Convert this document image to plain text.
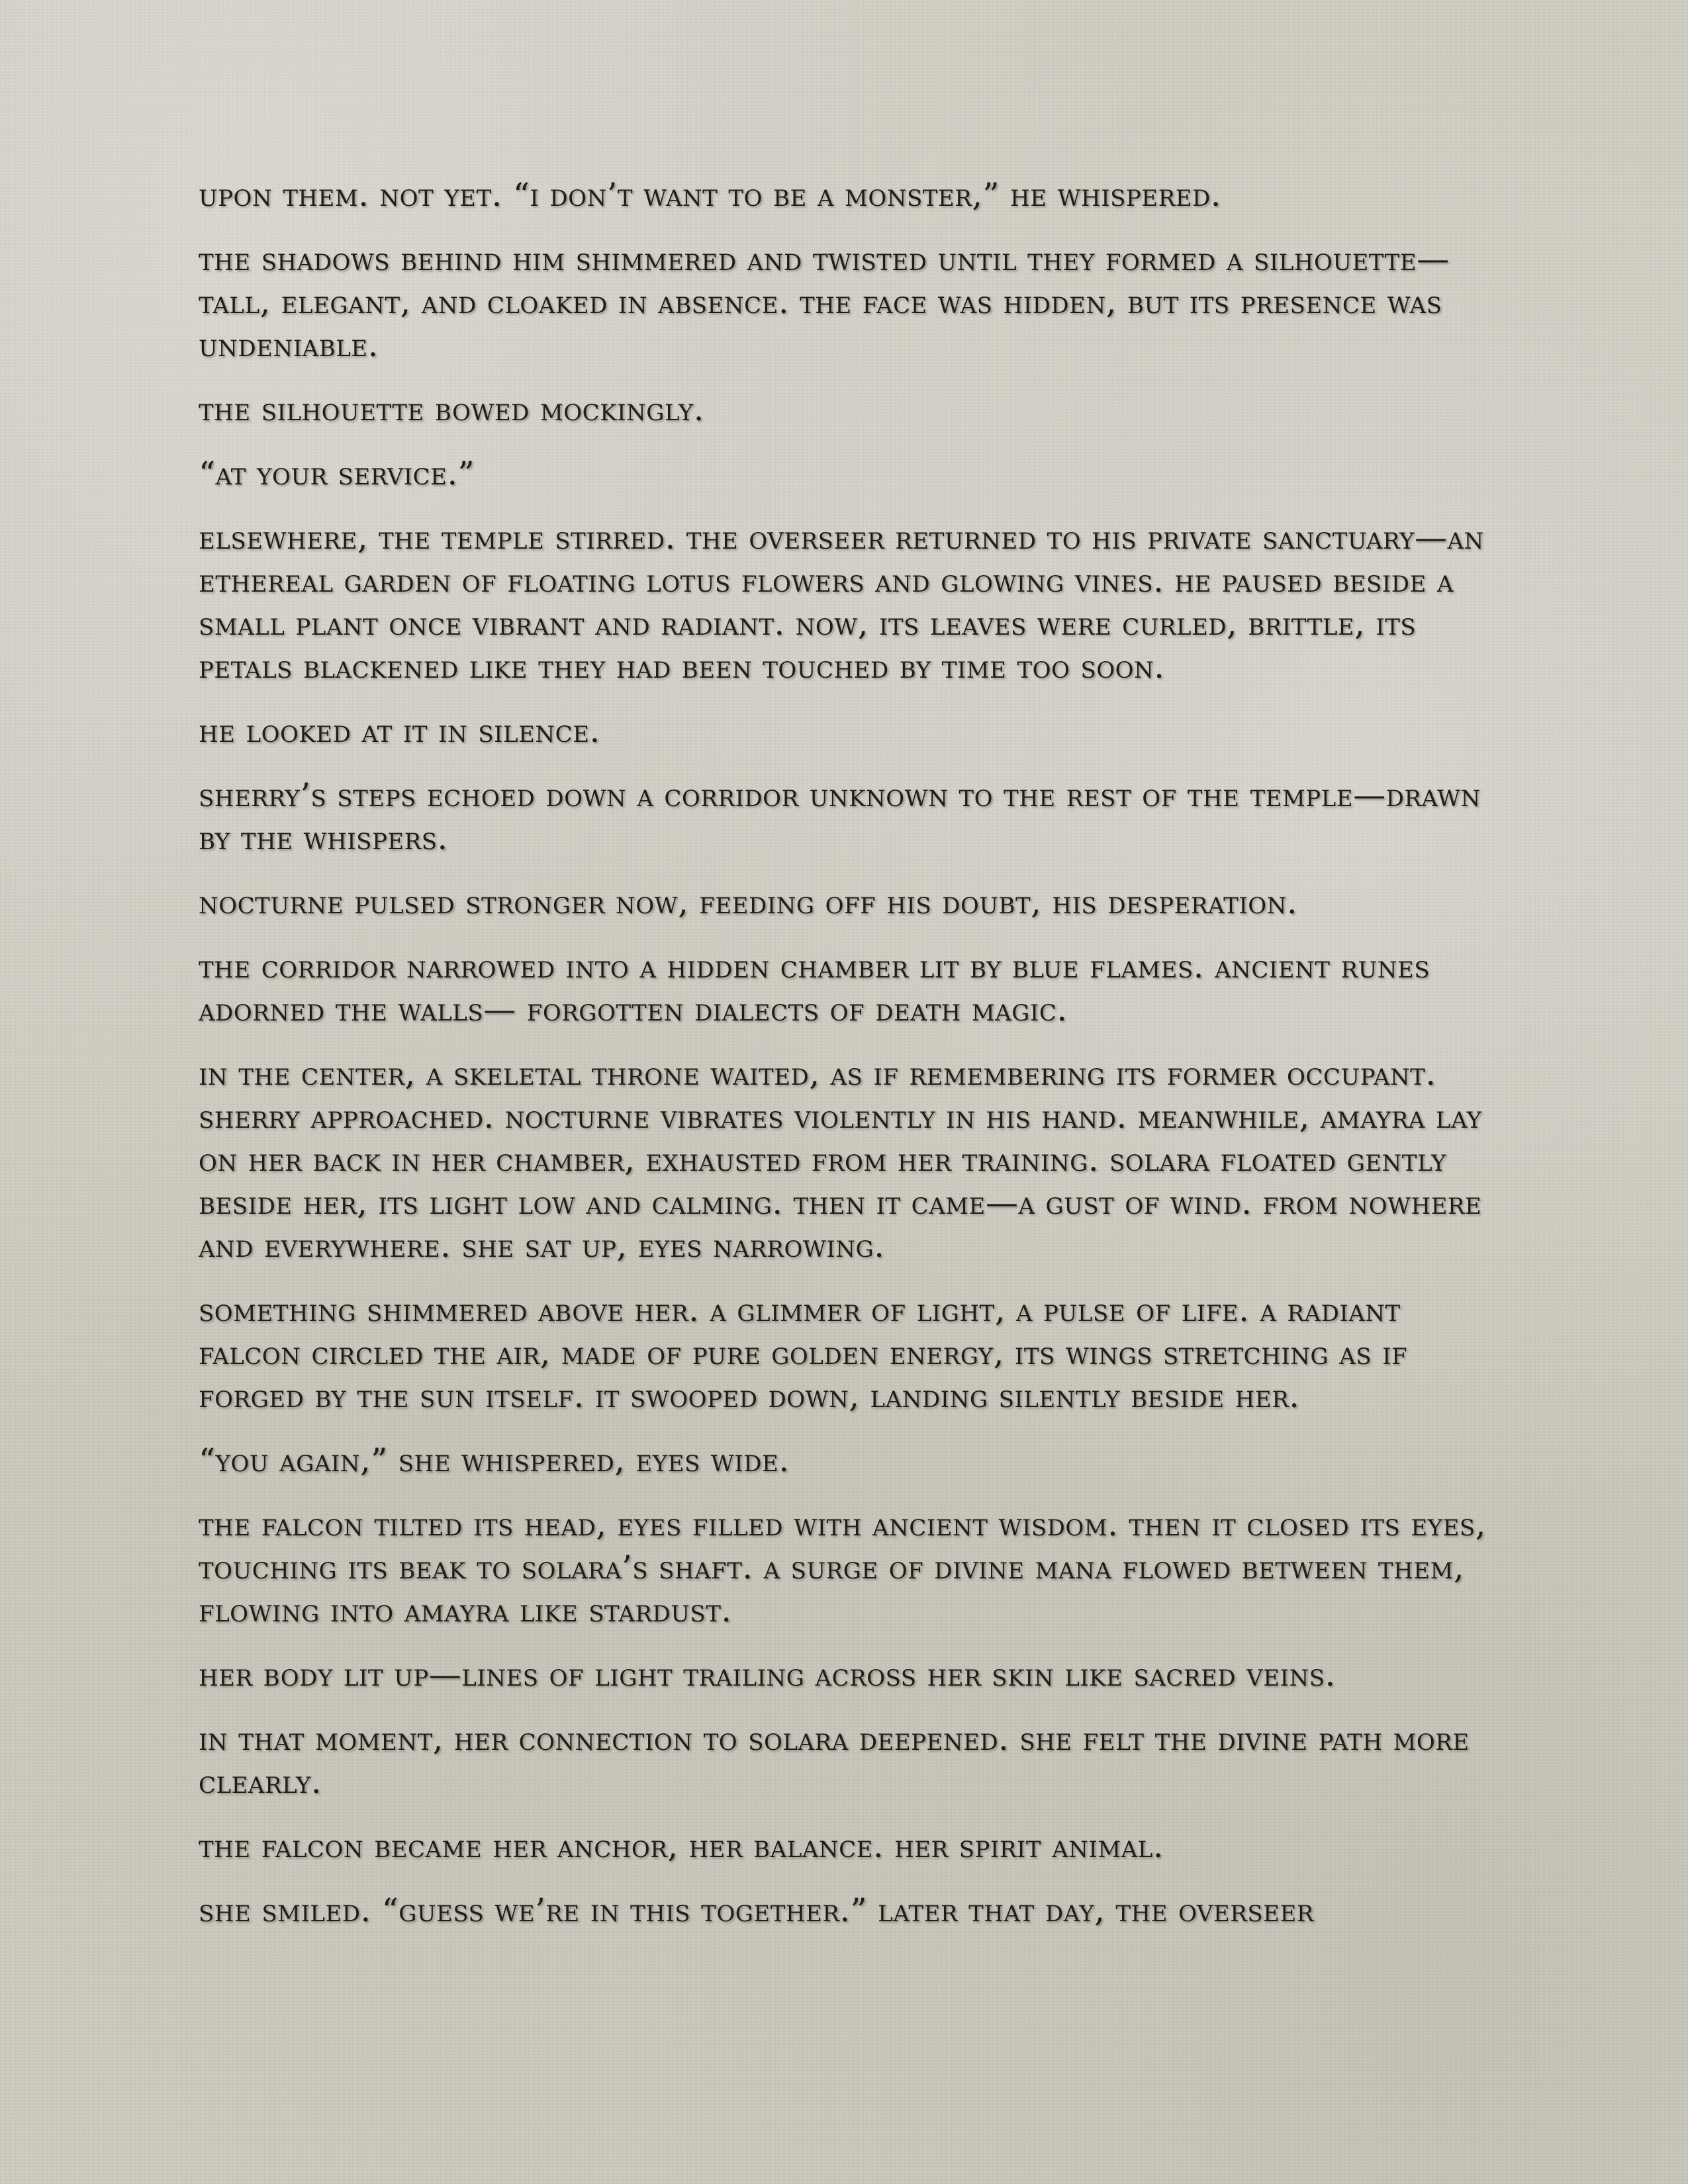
upon them. not yet. “i don’t want to be a monster,” he whispered.

the shadows behind him shimmered and twisted until they formed a silhouette—tall, elegant, and cloaked in absence. the face was hidden, but its presence was undeniable.

the silhouette bowed mockingly.

“at your service.”

elsewhere, the temple stirred. the overseer returned to his private sanctuary—an ethereal garden of floating lotus flowers and glowing vines. he paused beside a small plant once vibrant and radiant. now, its leaves were curled, brittle, its petals blackened like they had been touched by time too soon.

he looked at it in silence.

sherry’s steps echoed down a corridor unknown to the rest of the temple—drawn by the whispers.

nocturne pulsed stronger now, feeding off his doubt, his desperation.

the corridor narrowed into a hidden chamber lit by blue flames. ancient runes adorned the walls— forgotten dialects of death magic.

in the center, a skeletal throne waited, as if remembering its former occupant. sherry approached. nocturne vibrates violently in his hand. meanwhile, amayra lay on her back in her chamber, exhausted from her training. solara floated gently beside her, its light low and calming. then it came—a gust of wind. from nowhere and everywhere. she sat up, eyes narrowing.

something shimmered above her. a glimmer of light, a pulse of life. a radiant falcon circled the air, made of pure golden energy, its wings stretching as if forged by the sun itself. it swooped down, landing silently beside her.

“you again,” she whispered, eyes wide.

the falcon tilted its head, eyes filled with ancient wisdom. then it closed its eyes, touching its beak to solara’s shaft. a surge of divine mana flowed between them, flowing into amayra like stardust.

her body lit up—lines of light trailing across her skin like sacred veins.

in that moment, her connection to solara deepened. she felt the divine path more clearly.

the falcon became her anchor, her balance. her spirit animal.

she smiled. “guess we’re in this together.” later that day, the overseer
